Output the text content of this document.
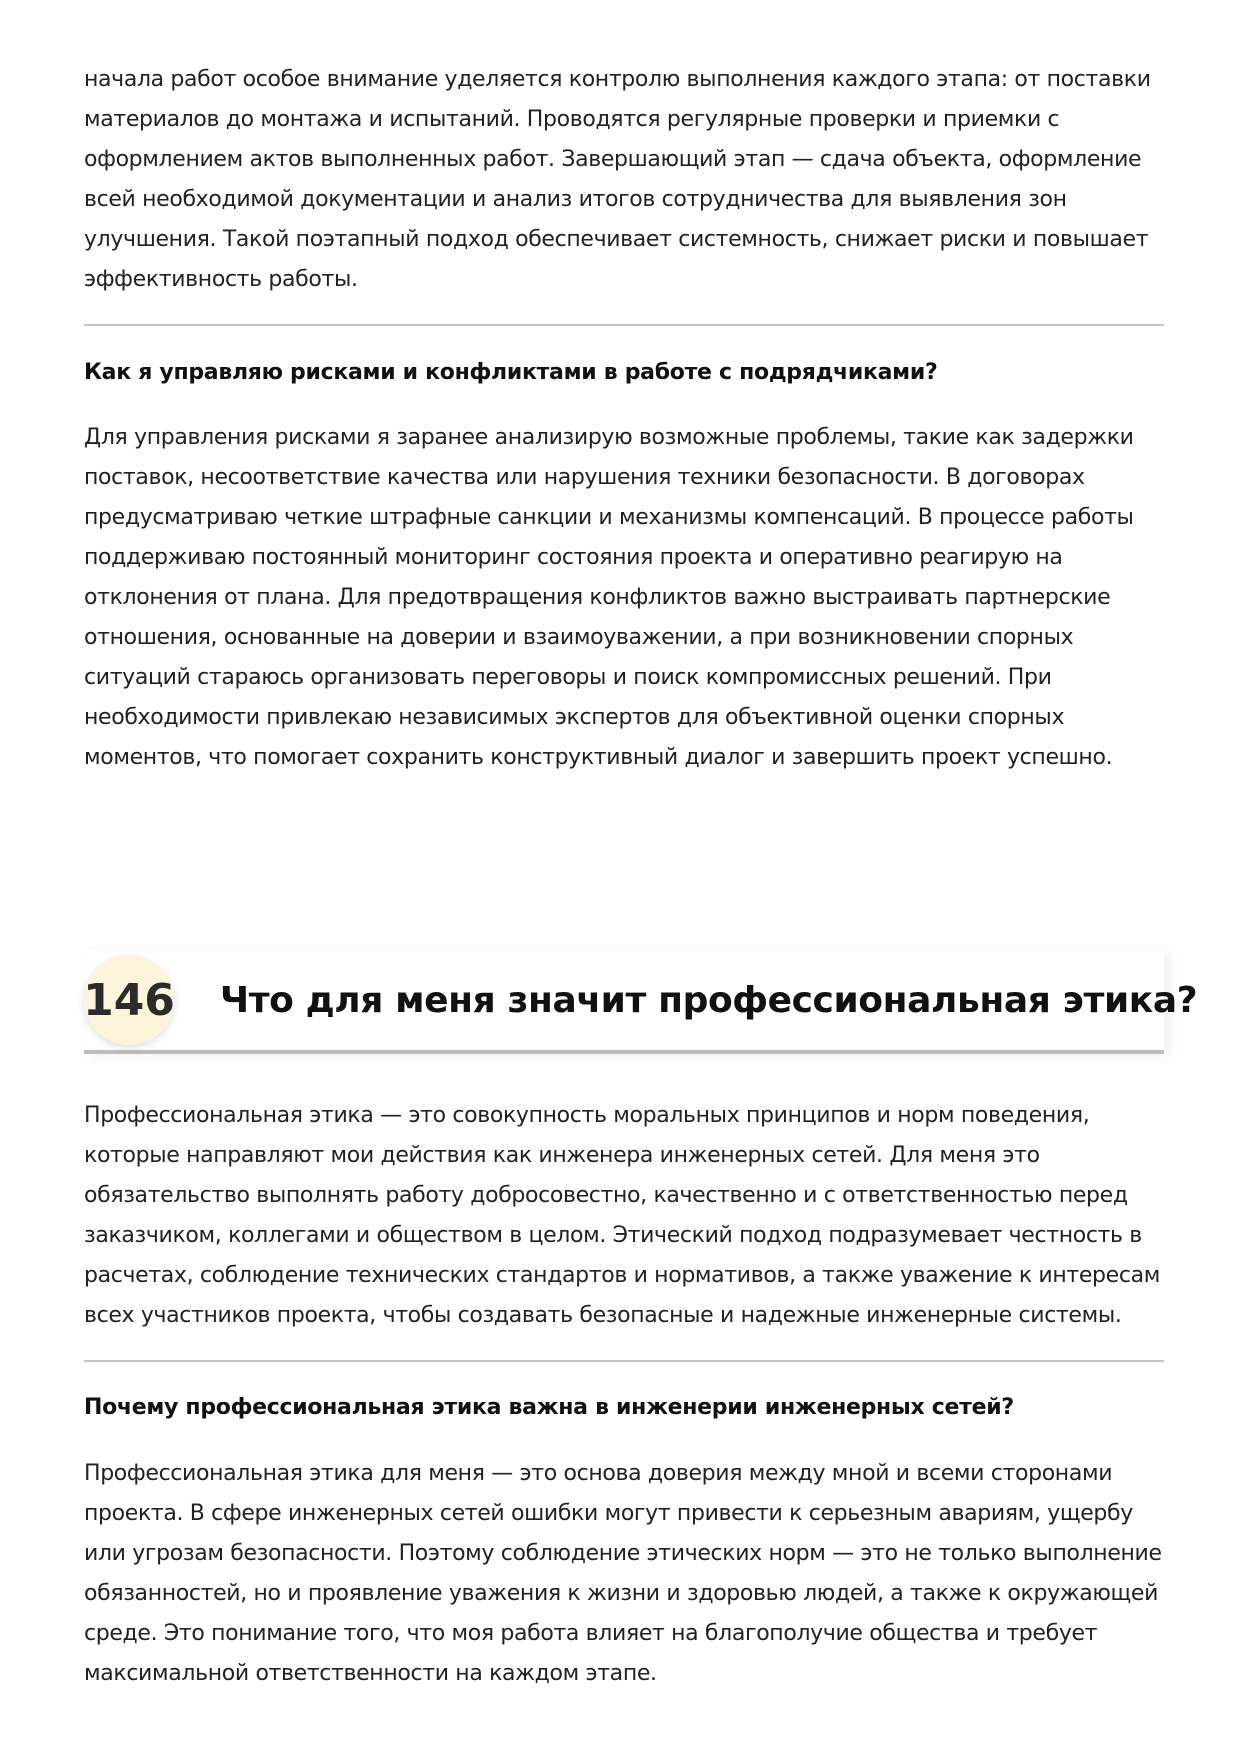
начала работ особое внимание уделяется контролю выполнения каждого этапа: от поставки материалов до монтажа и испытаний. Проводятся регулярные проверки и приемки с оформлением актов выполненных работ. Завершающий этап — сдача объекта, оформление всей необходимой документации и анализ итогов сотрудничества для выявления зон улучшения. Такой поэтапный подход обеспечивает системность, снижает риски и повышает эффективность работы.

Как я управляю рисками и конфликтами в работе с подрядчиками?

Для управления рисками я заранее анализирую возможные проблемы, такие как задержки поставок, несоответствие качества или нарушения техники безопасности. В договорах предусматриваю четкие штрафные санкции и механизмы компенсаций. В процессе работы поддерживаю постоянный мониторинг состояния проекта и оперативно реагирую на отклонения от плана. Для предотвращения конфликтов важно выстраивать партнерские отношения, основанные на доверии и взаимоуважении, а при возникновении спорных ситуаций стараюсь организовать переговоры и поиск компромиссных решений. При необходимости привлекаю независимых экспертов для объективной оценки спорных моментов, что помогает сохранить конструктивный диалог и завершить проект успешно.

146 Что для меня значит профессиональная этика?

Профессиональная этика — это совокупность моральных принципов и норм поведения, которые направляют мои действия как инженера инженерных сетей. Для меня это обязательство выполнять работу добросовестно, качественно и с ответственностью перед заказчиком, коллегами и обществом в целом. Этический подход подразумевает честность в расчетах, соблюдение технических стандартов и нормативов, а также уважение к интересам всех участников проекта, чтобы создавать безопасные и надежные инженерные системы.

Почему профессиональная этика важна в инженерии инженерных сетей?

Профессиональная этика для меня — это основа доверия между мной и всеми сторонами проекта. В сфере инженерных сетей ошибки могут привести к серьезным авариям, ущербу или угрозам безопасности. Поэтому соблюдение этических норм — это не только выполнение обязанностей, но и проявление уважения к жизни и здоровью людей, а также к окружающей среде. Это понимание того, что моя работа влияет на благополучие общества и требует максимальной ответственности на каждом этапе.
